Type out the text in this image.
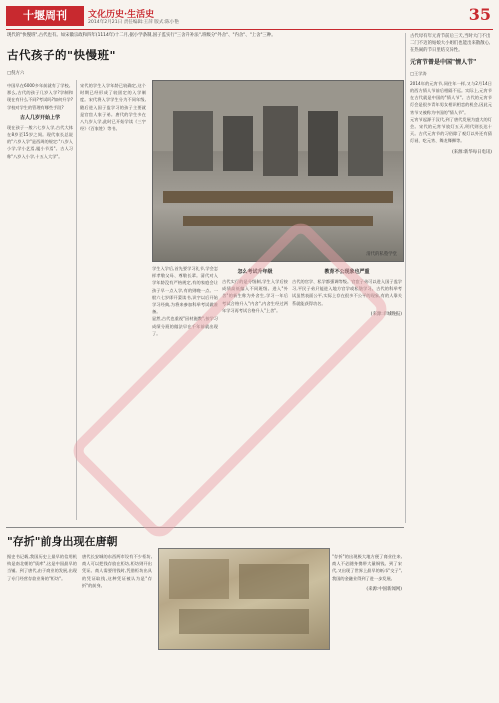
十堰周刊	文化历史·生活史
2014年2月21日 责任编辑:王萍 版式:陈小艳	35
现代的"快慢班",古代也有。如宋徽宗政和四年(1114年)十二月,据小学条制,国子监实行"三舍升补法",班级分"外舍"、"内舍"、"上舍"三种。
古代孩子的"快慢班"
□倪方六
中国早在6000多年前就有了学校。那么,古代的孩子几岁入学?学制和现在有什么不同?考试吗?如何升学?学校对学生的管理有哪些手段?
古人几岁开始上学
现在孩子一般六七岁入学,古代大体在8岁至15岁之间。现代家长总说的"六岁入学"是西周的规定:"八岁入小学,学小艺焉,履小节焉"。古人习称"八岁入小学,十五入大学"。
宋代的学生入学年龄已较确定,这个时期已经形成了较固定的入学制度。宋代将入学学生分为不同年级,随后进入国子监学习的孩子主要就是官宦人家子弟。唐代的学生多在八九岁入学,此时已开始学读《三字经》《百家姓》等书。
清代的私塾学堂
学生入学后,首先要学习礼节,学会怎样孝敬父母、尊敬长辈。清代对入学年龄没有严格规定,有的家庭会让孩子早一点入学,有的则晚一点。一般六七岁即开蒙读书,识字以后开始学习经典,为将来参加科举考试做准备。
显然,古代也重视"因材施教",按学习成绩分班的做法早在千年前就出现了。
怎么考试升年级
古代实行的是分级制,学生入学后按成绩高低编入不同班级。进入"外舍"的新生称为外舍生,学习一年后考试合格升入"内舍",内舍生经过两年学习再考试合格升入"上舍"。
教育不公现象也严重
古代的官学、私学都强调等级。官宦子弟可以进入国子监学习,平民子弟只能进入地方官学或私塾学习。古代的科举考试虽然表面公平,实际上存在很多不公平的现象,有的人靠关系就能获得功名。
(来源:羊城晚报)
古代母有年元青节前后三天,当时大门不出二门不迈的姑娘大小姐们也能出来散散心,在热闹的节日里结交异性。
元宵节曾是中国"情人节"
□王学涛
2014年的元宵节,同往年一样,又与2月14日的西方情人节前后相隔不远。实际上,元宵节在古代就是中国的"情人节"。古代的元宵节灯会是很多青年男女相识相恋的机会,因此元宵节又被称为中国的"情人节"。
元宵节起源于汉代,到了唐代发展为盛大的灯会。宋代的元宵节放灯五天,明代则长达十天。古代元宵节的习俗除了观灯以外还有猜灯谜、吃元宵、舞龙舞狮等。
(来源:新华每日电讯)
"存折"前身出现在唐朝
据史书记载,我国历史上最早的信用机构是南北朝的"质库",这是中国最早的当铺。到了唐代,由于商业的发展,出现了专门经营存款业务的"柜坊"。
唐代长安城的东西两市设有不少柜坊,商人可以把钱存放在柜坊,柜坊则开出凭证。商人需要用钱时,凭借柜坊出具的凭证取钱,这种凭证被认为是"存折"的前身。
"存折"的出现极大地方便了商业往来,商人不必随身携带大量铜钱。到了宋代,又出现了世界上最早的纸币"交子",我国的金融业得到了进一步发展。
(来源:中国新闻网)
